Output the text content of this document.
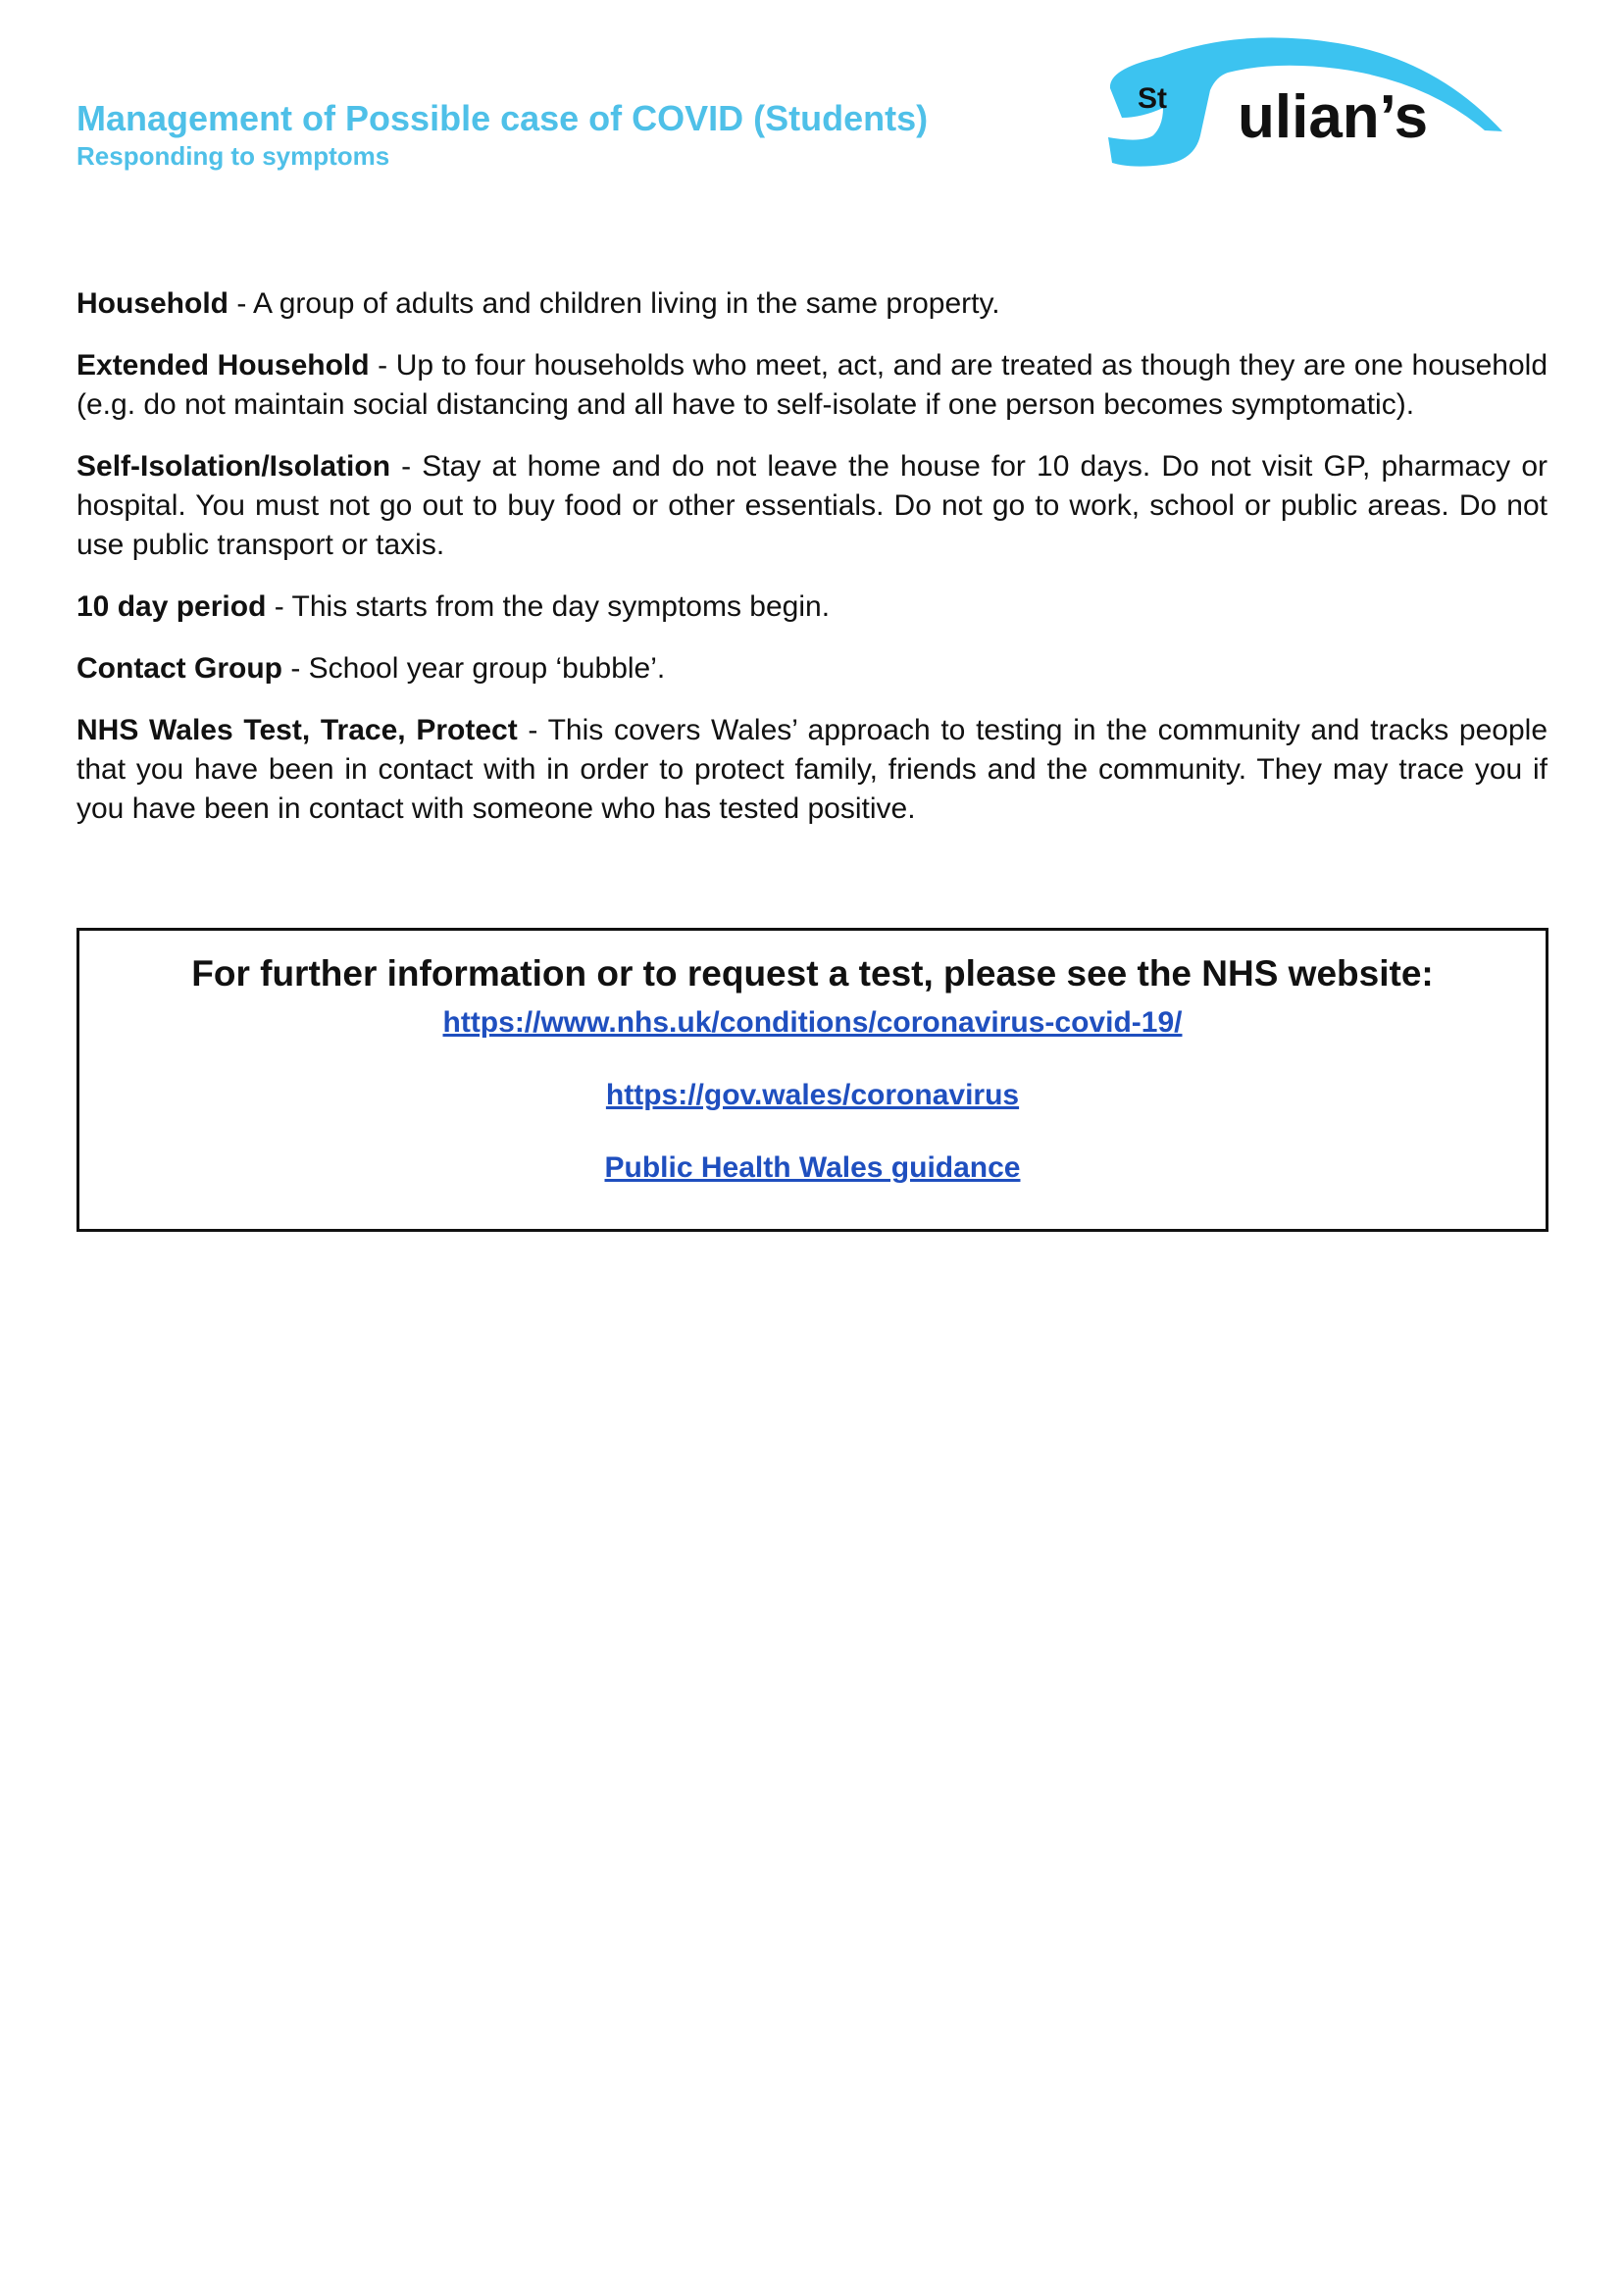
Management of Possible case of COVID (Students)
Responding to symptoms
St ulian’s

Household - A group of adults and children living in the same property.

Extended Household - Up to four households who meet, act, and are treated as though they are one household (e.g. do not maintain social distancing and all have to self-isolate if one person becomes symptomatic).

Self-Isolation/Isolation - Stay at home and do not leave the house for 10 days. Do not visit GP, pharmacy or hospital. You must not go out to buy food or other essentials. Do not go to work, school or public areas. Do not use public transport or taxis.

10 day period - This starts from the day symptoms begin.

Contact Group - School year group ‘bubble’.

NHS Wales Test, Trace, Protect - This covers Wales’ approach to testing in the community and tracks people that you have been in contact with in order to protect family, friends and the community. They may trace you if you have been in contact with someone who has tested positive.

For further information or to request a test, please see the NHS website:
https://www.nhs.uk/conditions/coronavirus-covid-19/
https://gov.wales/coronavirus
Public Health Wales guidance
